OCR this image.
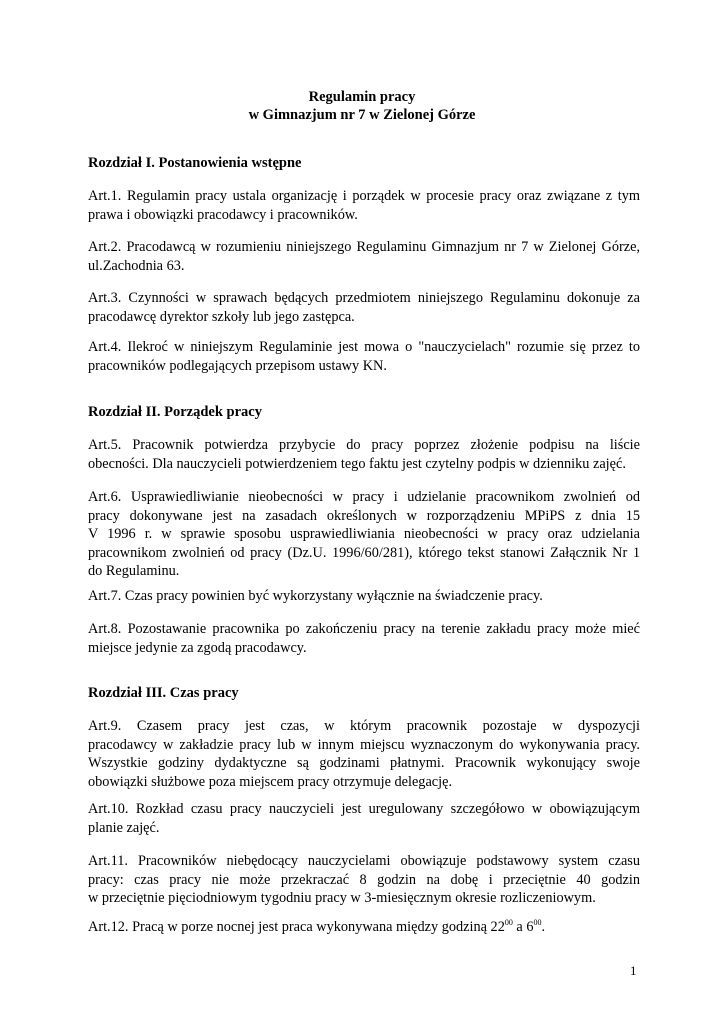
Regulamin pracy
w Gimnazjum nr 7 w Zielonej Górze
Rozdział I. Postanowienia wstępne
Art.1. Regulamin pracy ustala organizację i porządek w procesie pracy oraz związane z tym
prawa i obowiązki pracodawcy i pracowników.
Art.2. Pracodawcą w rozumieniu niniejszego Regulaminu Gimnazjum nr 7 w Zielonej Górze,
ul.Zachodnia 63.
Art.3. Czynności w sprawach będących przedmiotem niniejszego Regulaminu dokonuje za
pracodawcę dyrektor szkoły lub jego zastępca.
Art.4. Ilekroć w niniejszym Regulaminie jest mowa o "nauczycielach" rozumie się przez to
pracowników podlegających przepisom ustawy KN.
Rozdział II. Porządek pracy
Art.5. Pracownik potwierdza przybycie do pracy poprzez złożenie podpisu na liście
obecności. Dla nauczycieli potwierdzeniem tego faktu jest czytelny podpis w dzienniku zajęć.
Art.6. Usprawiedliwianie nieobecności w pracy i udzielanie pracownikom zwolnień od
pracy dokonywane jest na zasadach określonych w rozporządzeniu MPiPS z dnia 15
V 1996 r. w sprawie sposobu usprawiedliwiania nieobecności w pracy oraz udzielania
pracownikom zwolnień od pracy (Dz.U. 1996/60/281), którego tekst stanowi Załącznik Nr 1
do Regulaminu.
Art.7. Czas pracy powinien być wykorzystany wyłącznie na świadczenie pracy.
Art.8. Pozostawanie pracownika po zakończeniu pracy na terenie zakładu pracy może mieć
miejsce jedynie za zgodą pracodawcy.
Rozdział III. Czas pracy
Art.9. Czasem pracy jest czas, w którym pracownik pozostaje w dyspozycji
pracodawcy w zakładzie pracy lub w innym miejscu wyznaczonym do wykonywania pracy.
Wszystkie godziny dydaktyczne są godzinami płatnymi. Pracownik wykonujący swoje
obowiązki służbowe poza miejscem pracy otrzymuje delegację.
Art.10. Rozkład czasu pracy nauczycieli jest uregulowany szczegółowo w obowiązującym
planie zajęć.
Art.11. Pracowników niebędocący nauczycielami obowiązuje podstawowy system czasu
pracy: czas pracy nie może przekraczać 8 godzin na dobę i przeciętnie 40 godzin
w przeciętnie pięciodniowym tygodniu pracy w 3-miesięcznym okresie rozliczeniowym.
Art.12. Pracą w porze nocnej jest praca wykonywana między godziną $22^{00}$ a $6^{00}$.
1
